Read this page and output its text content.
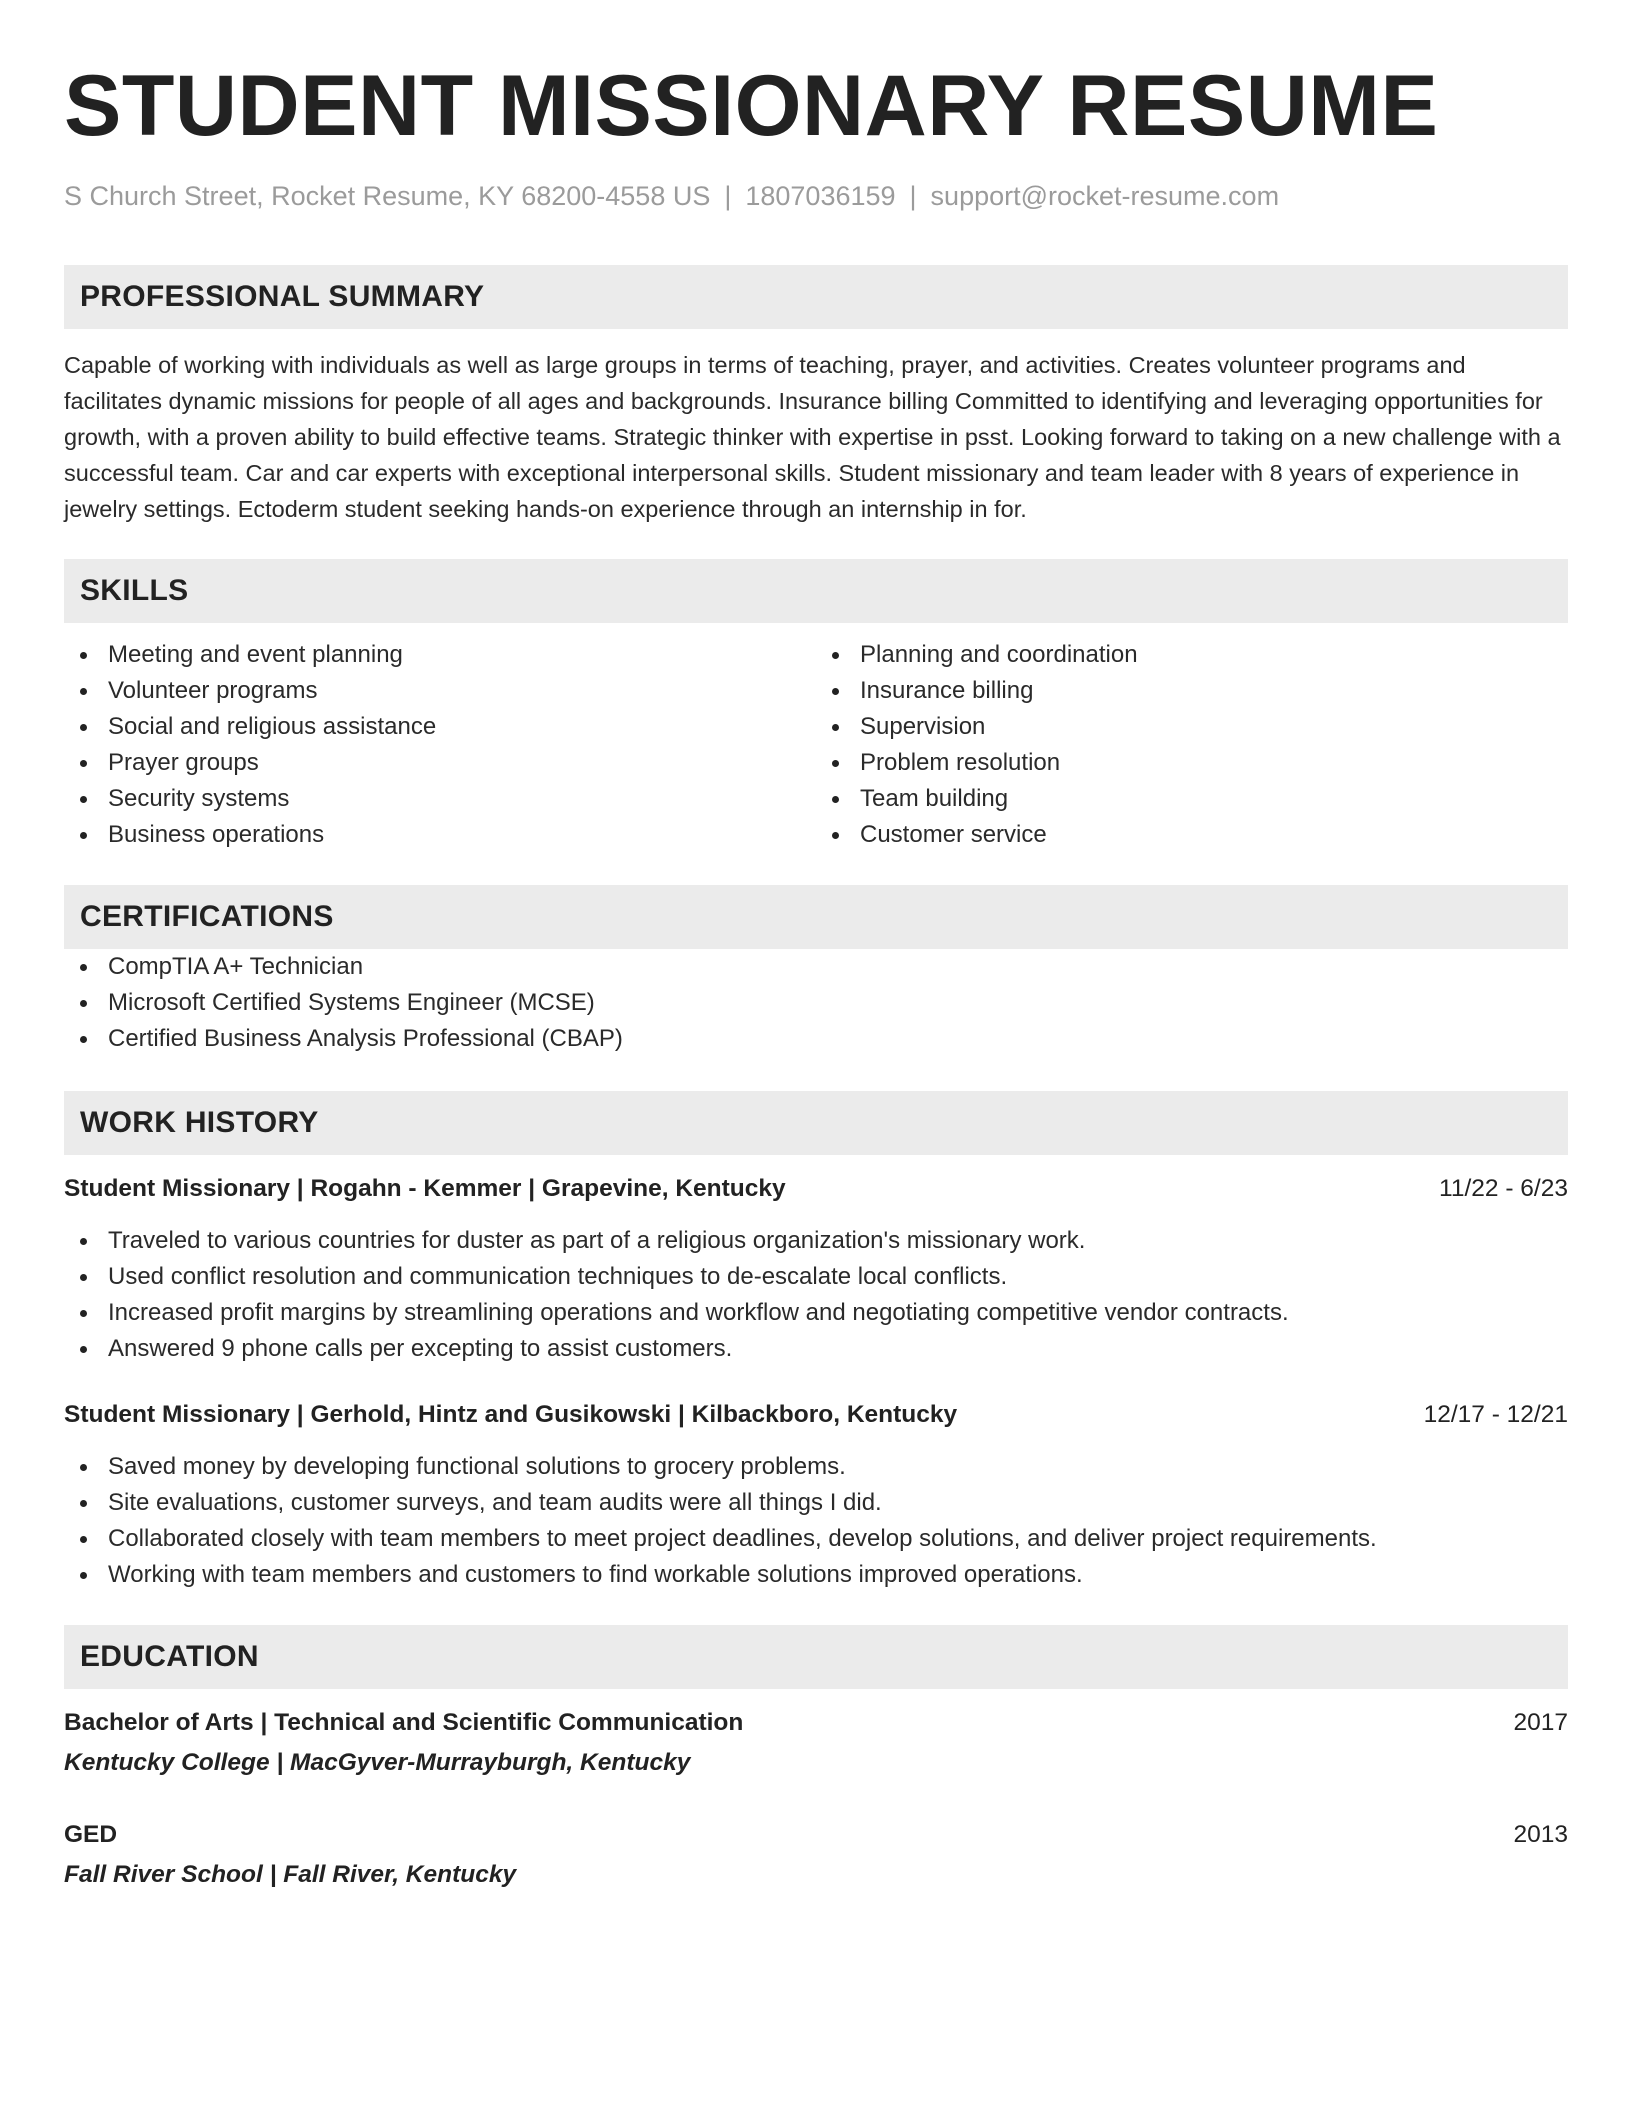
STUDENT MISSIONARY RESUME
S Church Street, Rocket Resume, KY 68200-4558 US | 1807036159 | support@rocket-resume.com
PROFESSIONAL SUMMARY
Capable of working with individuals as well as large groups in terms of teaching, prayer, and activities. Creates volunteer programs and facilitates dynamic missions for people of all ages and backgrounds. Insurance billing Committed to identifying and leveraging opportunities for growth, with a proven ability to build effective teams. Strategic thinker with expertise in psst. Looking forward to taking on a new challenge with a successful team. Car and car experts with exceptional interpersonal skills. Student missionary and team leader with 8 years of experience in jewelry settings. Ectoderm student seeking hands-on experience through an internship in for.
SKILLS
Meeting and event planning
Volunteer programs
Social and religious assistance
Prayer groups
Security systems
Business operations
Planning and coordination
Insurance billing
Supervision
Problem resolution
Team building
Customer service
CERTIFICATIONS
CompTIA A+ Technician
Microsoft Certified Systems Engineer (MCSE)
Certified Business Analysis Professional (CBAP)
WORK HISTORY
Student Missionary | Rogahn - Kemmer | Grapevine, Kentucky	11/22 - 6/23
Traveled to various countries for duster as part of a religious organization's missionary work.
Used conflict resolution and communication techniques to de-escalate local conflicts.
Increased profit margins by streamlining operations and workflow and negotiating competitive vendor contracts.
Answered 9 phone calls per excepting to assist customers.
Student Missionary | Gerhold, Hintz and Gusikowski | Kilbackboro, Kentucky	12/17 - 12/21
Saved money by developing functional solutions to grocery problems.
Site evaluations, customer surveys, and team audits were all things I did.
Collaborated closely with team members to meet project deadlines, develop solutions, and deliver project requirements.
Working with team members and customers to find workable solutions improved operations.
EDUCATION
Bachelor of Arts | Technical and Scientific Communication	2017
Kentucky College | MacGyver-Murrayburgh, Kentucky
GED	2013
Fall River School | Fall River, Kentucky
